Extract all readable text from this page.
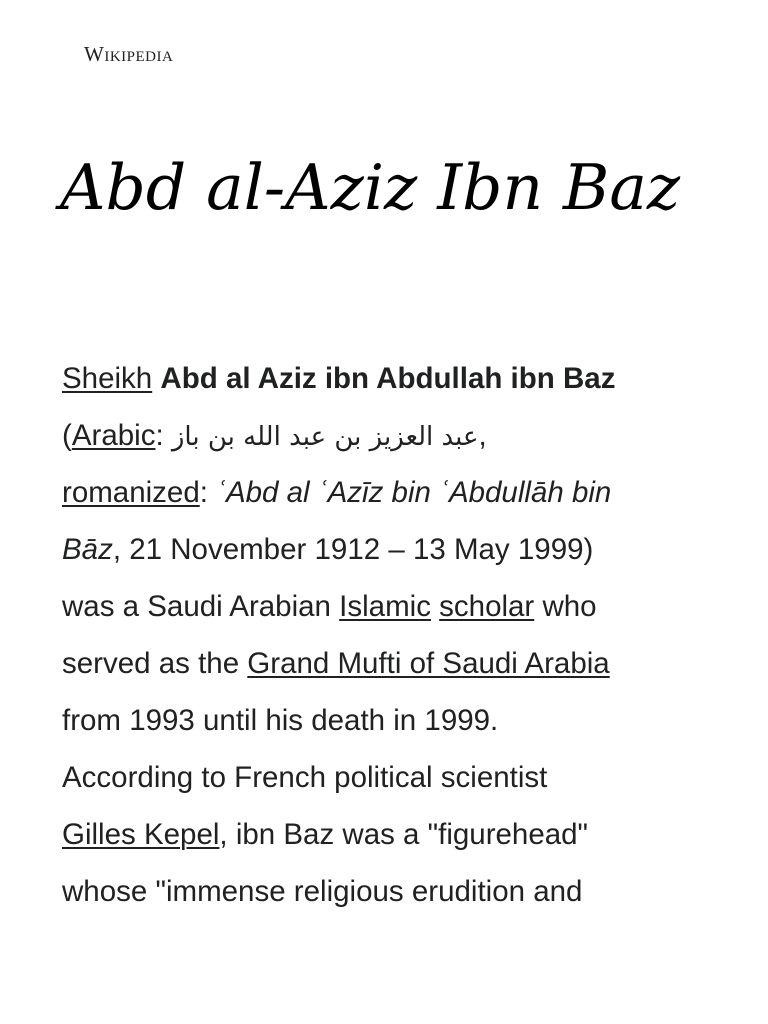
Wikipedia
Abd al-Aziz Ibn Baz
Sheikh Abd al Aziz ibn Abdullah ibn Baz
(Arabic: عبد العزيز بن عبد الله بن باز,
romanized: ʿAbd al ʿAzīz bin ʿAbdullāh bin
Bāz, 21 November 1912 – 13 May 1999)
was a Saudi Arabian Islamic scholar who
served as the Grand Mufti of Saudi Arabia
from 1993 until his death in 1999.
According to French political scientist
Gilles Kepel, ibn Baz was a "figurehead"
whose "immense religious erudition and
